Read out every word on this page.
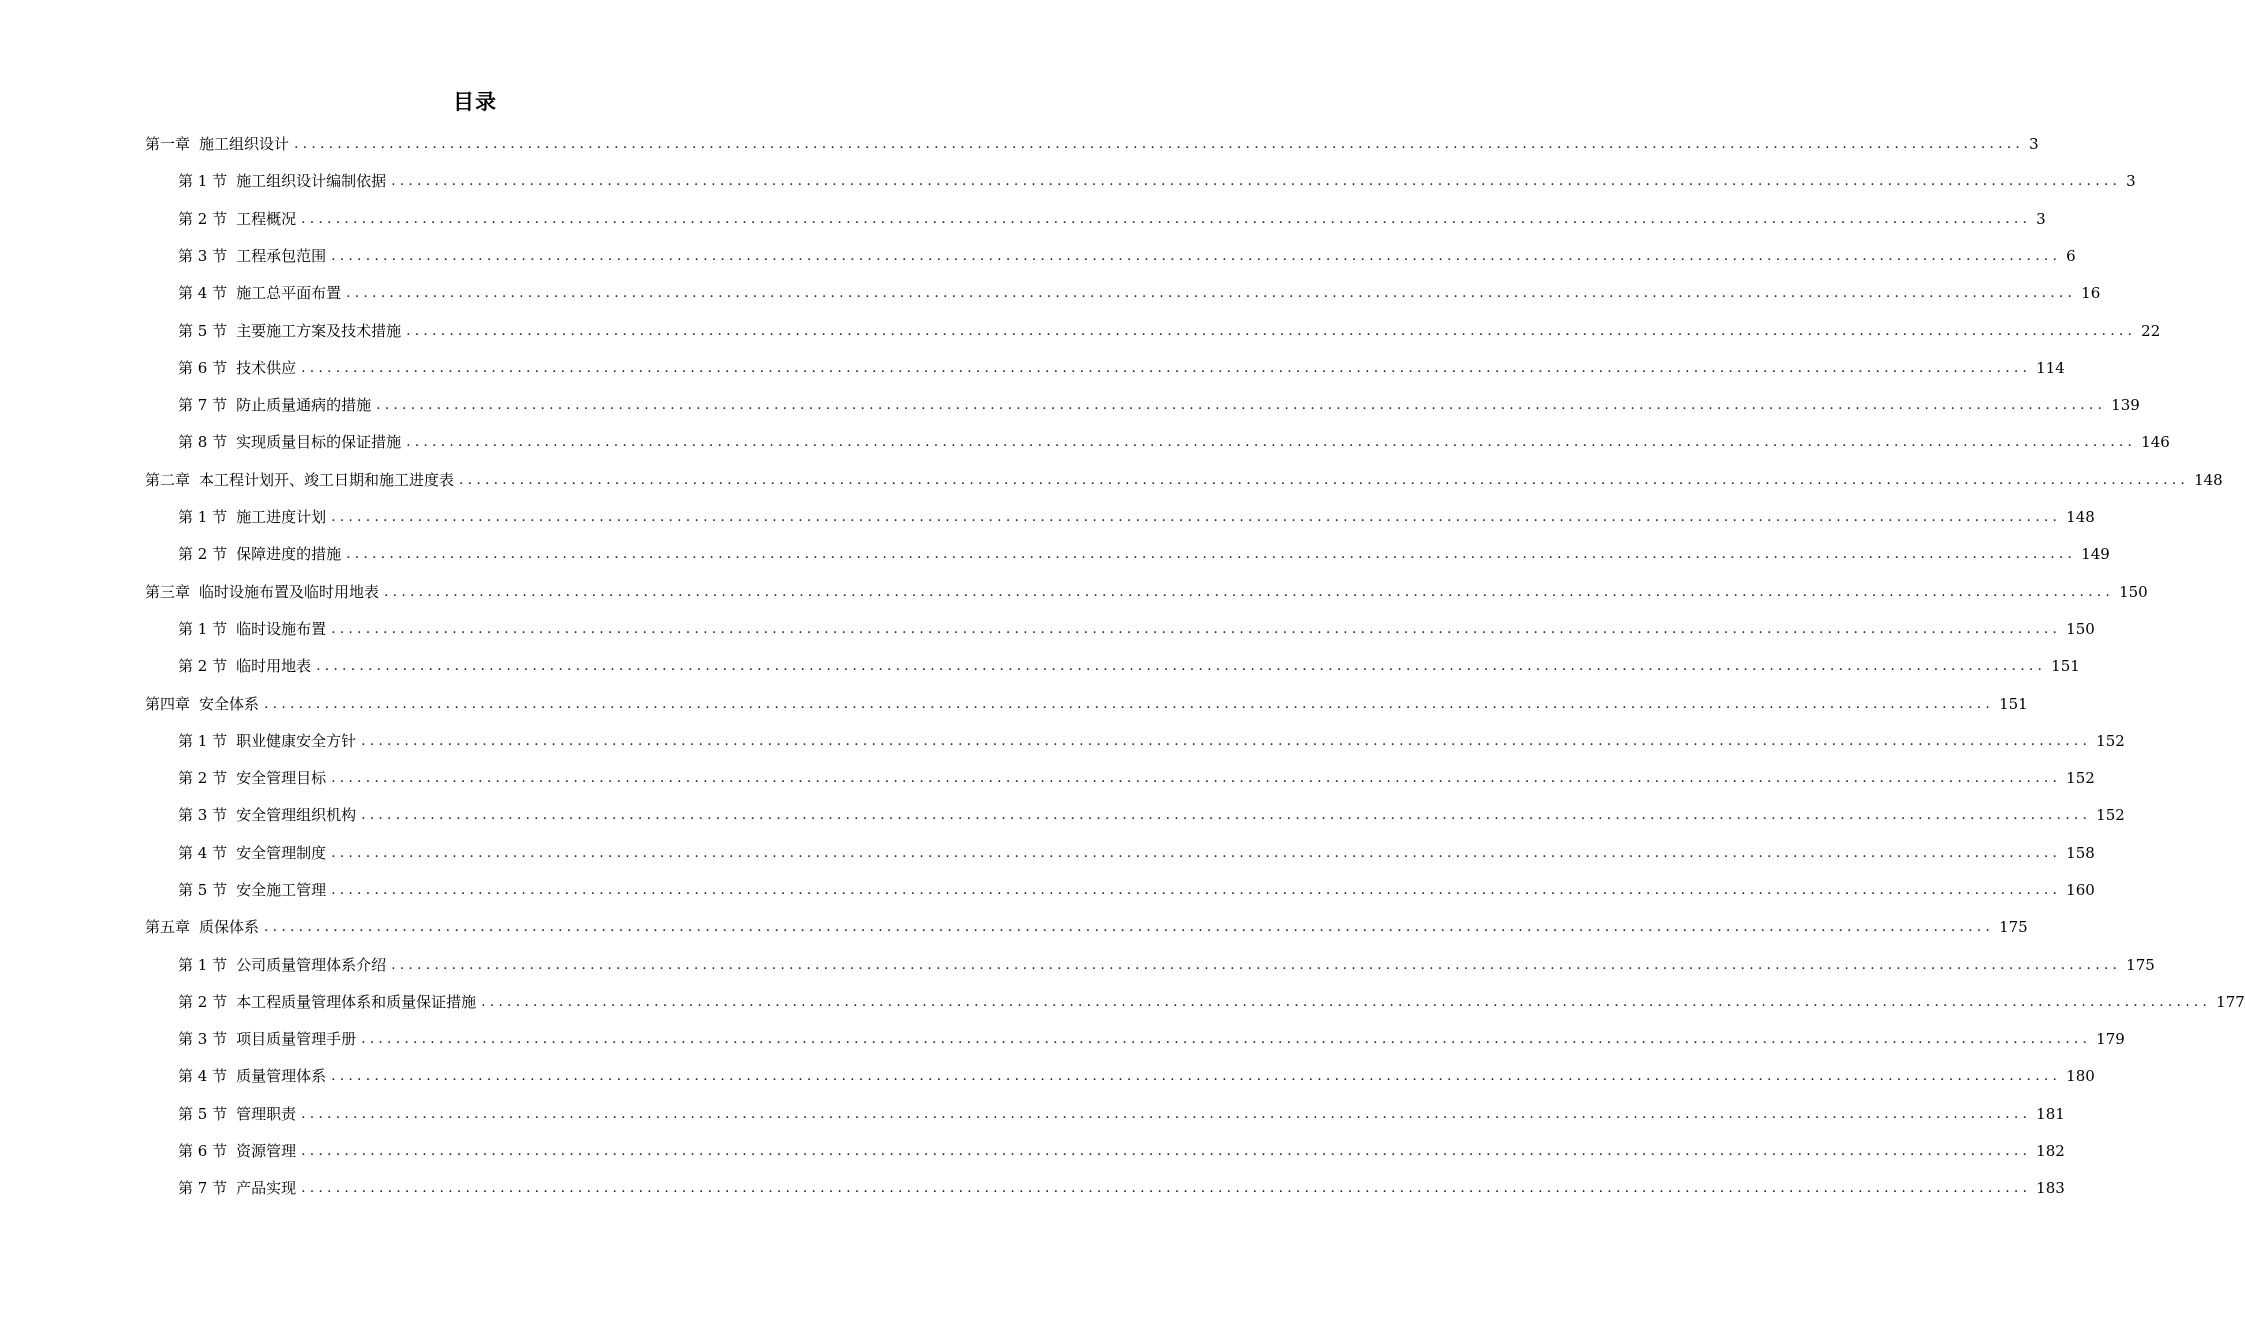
目录
第一章 施工组织设计 ........................................................................................................................................................................................................ 3
第 1 节 施工组织设计编制依据 ........................................................................................................................................................................................................ 3
第 2 节 工程概况 ........................................................................................................................................................................................................ 3
第 3 节 工程承包范围 ........................................................................................................................................................................................................ 6
第 4 节 施工总平面布置 ........................................................................................................................................................................................................ 16
第 5 节 主要施工方案及技术措施 ........................................................................................................................................................................................................ 22
第 6 节 技术供应 ........................................................................................................................................................................................................ 114
第 7 节 防止质量通病的措施 ........................................................................................................................................................................................................ 139
第 8 节 实现质量目标的保证措施 ........................................................................................................................................................................................................ 146
第二章 本工程计划开、竣工日期和施工进度表 ........................................................................................................................................................................................................ 148
第 1 节 施工进度计划 ........................................................................................................................................................................................................ 148
第 2 节 保障进度的措施 ........................................................................................................................................................................................................ 149
第三章 临时设施布置及临时用地表 ........................................................................................................................................................................................................ 150
第 1 节 临时设施布置 ........................................................................................................................................................................................................ 150
第 2 节 临时用地表 ........................................................................................................................................................................................................ 151
第四章 安全体系 ........................................................................................................................................................................................................ 151
第 1 节 职业健康安全方针 ........................................................................................................................................................................................................ 152
第 2 节 安全管理目标 ........................................................................................................................................................................................................ 152
第 3 节 安全管理组织机构 ........................................................................................................................................................................................................ 152
第 4 节 安全管理制度 ........................................................................................................................................................................................................ 158
第 5 节 安全施工管理 ........................................................................................................................................................................................................ 160
第五章 质保体系 ........................................................................................................................................................................................................ 175
第 1 节 公司质量管理体系介绍 ........................................................................................................................................................................................................ 175
第 2 节 本工程质量管理体系和质量保证措施 ........................................................................................................................................................................................................ 177
第 3 节 项目质量管理手册 ........................................................................................................................................................................................................ 179
第 4 节 质量管理体系 ........................................................................................................................................................................................................ 180
第 5 节 管理职责 ........................................................................................................................................................................................................ 181
第 6 节 资源管理 ........................................................................................................................................................................................................ 182
第 7 节 产品实现 ........................................................................................................................................................................................................ 183
